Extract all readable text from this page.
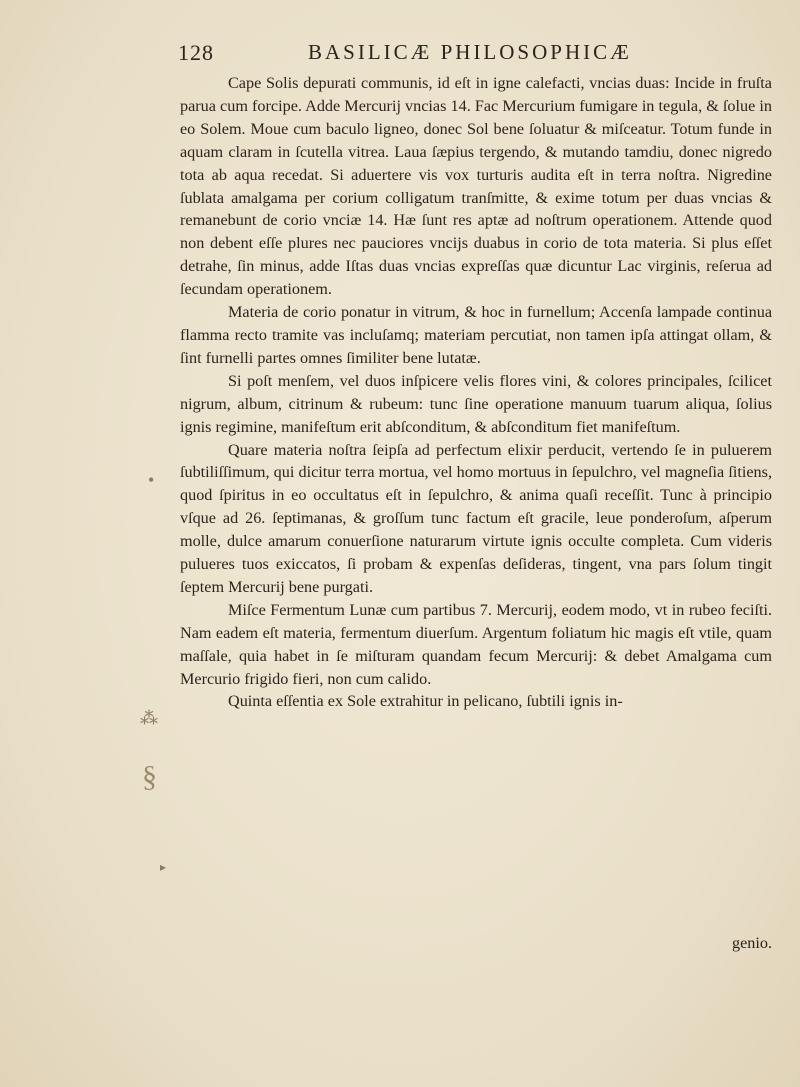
128	BASILICÆ PHILOSOPHICÆ

Cape Solis depurati communis, id eſt in igne calefacti, vncias duas: Incide in fruſta parua cum forcipe. Adde Mercurij vncias 14. Fac Mercurium fumigare in tegula, & ſolue in eo Solem. Moue cum baculo ligneo, donec Sol bene ſoluatur & miſceatur. Totum funde in aquam claram in ſcutella vitrea. Laua ſæpius tergendo, & mutando tamdiu, donec nigredo tota ab aqua recedat. Si aduertere vis vox turturis audita eſt in terra noſtra. Nigredine ſublata amalgama per corium colligatum tranſmitte, & exime totum per duas vncias & remanebunt de corio vnciæ 14. Hæ ſunt res aptæ ad noſtrum operationem. Attende quod non debent eſſe plures nec pauciores vncijs duabus in corio de tota materia. Si plus eſſet detrahe, ſin minus, adde Iſtas duas vncias expreſſas quæ dicuntur Lac virginis, reſerua ad ſecundam operationem.

Materia de corio ponatur in vitrum, & hoc in furnellum; Accenſa lampade continua flamma recto tramite vas incluſamq; materiam percutiat, non tamen ipſa attingat ollam, & ſint furnelli partes omnes ſimiliter bene lutatæ.

Si poſt menſem, vel duos inſpicere velis flores vini, & colores principales, ſcilicet nigrum, album, citrinum & rubeum: tunc ſine operatione manuum tuarum aliqua, ſolius ignis regimine, manifeſtum erit abſconditum, & abſconditum fiet manifeſtum.

Quare materia noſtra ſeipſa ad perfectum elixir perducit, vertendo ſe in puluerem ſubtiliſſimum, qui dicitur terra mortua, vel homo mortuus in ſepulchro, vel magneſia ſitiens, quod ſpiritus in eo occultatus eſt in ſepulchro, & anima quaſi receſſit. Tunc à principio vſque ad 26. ſeptimanas, & groſſum tunc factum eſt gracile, leue ponderoſum, aſperum molle, dulce amarum conuerſione naturarum virtute ignis occulte completa. Cum videris pulueres tuos exiccatos, ſi probam & expenſas deſideras, tingent, vna pars ſolum tingit ſeptem Mercurij bene purgati.

Miſce Fermentum Lunæ cum partibus 7. Mercurij, eodem modo, vt in rubeo feciſti. Nam eadem eſt materia, fermentum diuerſum. Argentum foliatum hic magis eſt vtile, quam maſſale, quia habet in ſe miſturam quandam fecum Mercurij: & debet Amalgama cum Mercurio frigido fieri, non cum calido.

Quinta eſſentia ex Sole extrahitur in pelicano, ſubtili ignis in-

genio.
•
⁂
§
▸
